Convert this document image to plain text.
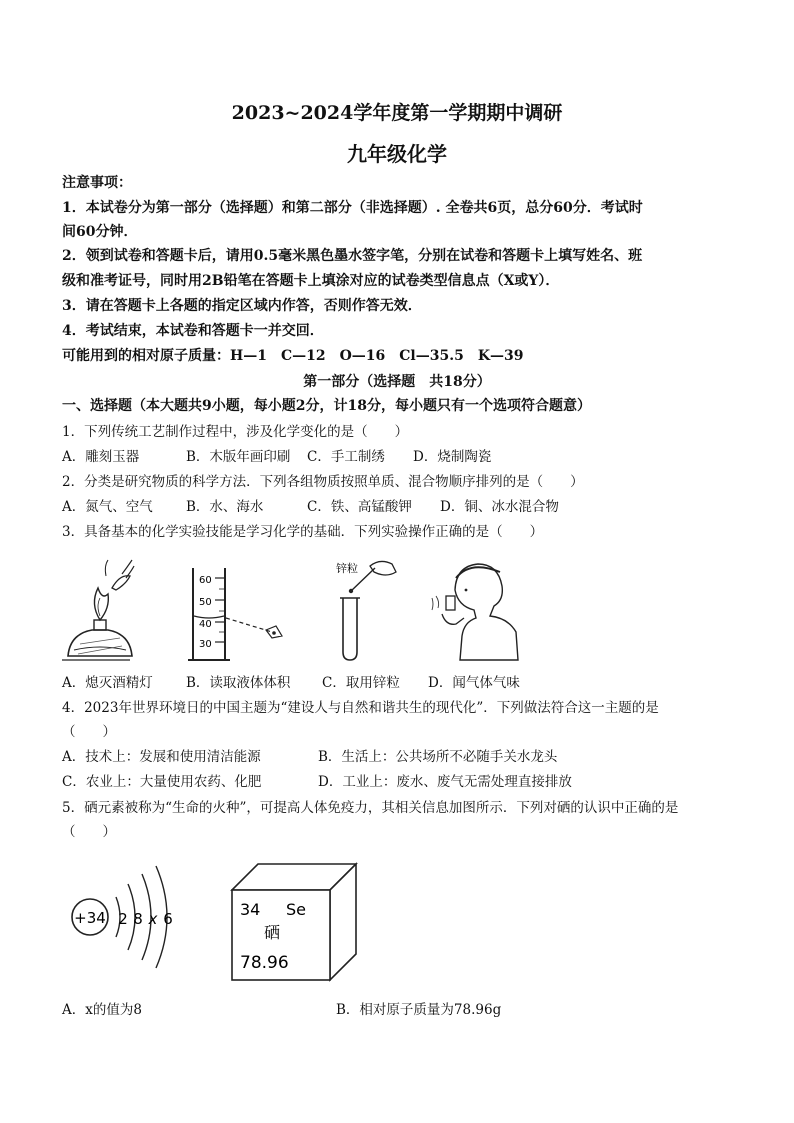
2023~2024学年度第一学期期中调研
九年级化学
注意事项：
1．本试卷分为第一部分（选择题）和第二部分（非选择题）. 全卷共6页，总分60分．考试时
间60分钟．
2．领到试卷和答题卡后，请用0.5毫米黑色墨水签字笔，分别在试卷和答题卡上填写姓名、班
级和准考证号，同时用2B铅笔在答题卡上填涂对应的试卷类型信息点（X或Y）．
3．请在答题卡上各题的指定区域内作答，否则作答无效．
4．考试结束，本试卷和答题卡一并交回．
可能用到的相对原子质量：H—1　C—12　O—16　Cl—35.5　K—39
第一部分（选择题　共18分）
一、选择题（本大题共9小题，每小题2分，计18分，每小题只有一个选项符合题意）
1．下列传统工艺制作过程中，涉及化学变化的是（　　）
A．雕刻玉器	B．木版年画印刷 C．手工制绣 D．烧制陶瓷
2．分类是研究物质的科学方法．下列各组物质按照单质、混合物顺序排列的是（　　）
A．氮气、空气 B．水、海水	C．铁、高锰酸钾 D．铜、冰水混合物
3．具备基本的化学实验技能是学习化学的基础．下列实验操作正确的是（　　）
60
50
40
30
锌粒
A．熄灭酒精灯 B．读取液体体积 C．取用锌粒 D．闻气体气味
4．2023年世界环境日的中国主题为“建设人与自然和谐共生的现代化”．下列做法符合这一主题的是
（　　）
A．技术上：发展和使用清洁能源	B．生活上：公共场所不必随手关水龙头
C．农业上：大量使用农药、化肥	D．工业上：废水、废气无需处理直接排放
5．硒元素被称为“生命的火种”，可提高人体免疫力，其相关信息加图所示．下列对硒的认识中正确的是
（　　）
+34 2 8 x 6	34 Se
硒
78.96
A．x的值为8	B．相对原子质量为78.96g
